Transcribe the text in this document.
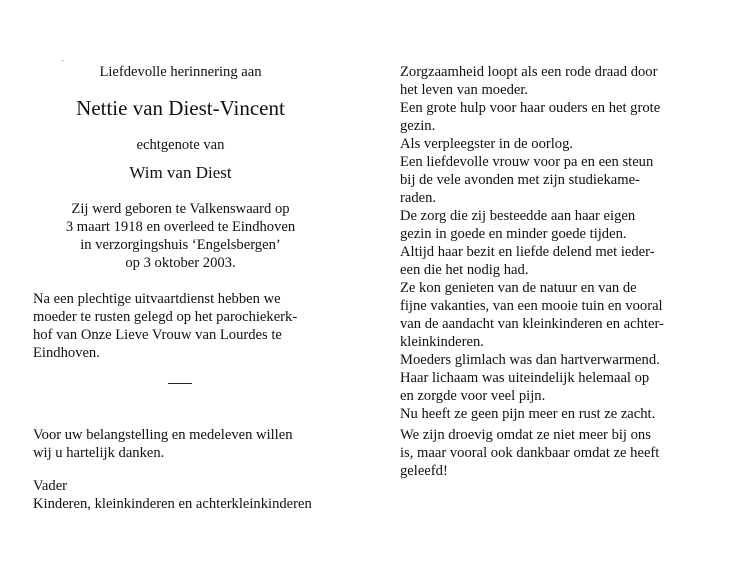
Liefdevolle herinnering aan
Nettie van Diest-Vincent
echtgenote van
Wim van Diest

Zij werd geboren te Valkenswaard op

3 maart 1918 en overleed te Eindhoven

in verzorgingshuis ‘Engelsbergen’

op 3 oktober 2003.

Na een plechtige uitvaartdienst hebben we

moeder te rusten gelegd op het parochiekerk-

hof van Onze Lieve Vrouw van Lourdes te

Eindhoven.

Voor uw belangstelling en medeleven willen

wij u hartelijk danken.

Vader

Kinderen, kleinkinderen en achterkleinkinderen

Zorgzaamheid loopt als een rode draad door

het leven van moeder.

Een grote hulp voor haar ouders en het grote

gezin.

Als verpleegster in de oorlog.

Een liefdevolle vrouw voor pa en een steun

bij de vele avonden met zijn studiekame-

raden.

De zorg die zij besteedde aan haar eigen

gezin in goede en minder goede tijden.

Altijd haar bezit en liefde delend met ieder-

een die het nodig had.

Ze kon genieten van de natuur en van de

fijne vakanties, van een mooie tuin en vooral

van de aandacht van kleinkinderen en achter-

kleinkinderen.

Moeders glimlach was dan hartverwarmend.

Haar lichaam was uiteindelijk helemaal op

en zorgde voor veel pijn.

Nu heeft ze geen pijn meer en rust ze zacht.

We zijn droevig omdat ze niet meer bij ons

is, maar vooral ook dankbaar omdat ze heeft

geleefd!
